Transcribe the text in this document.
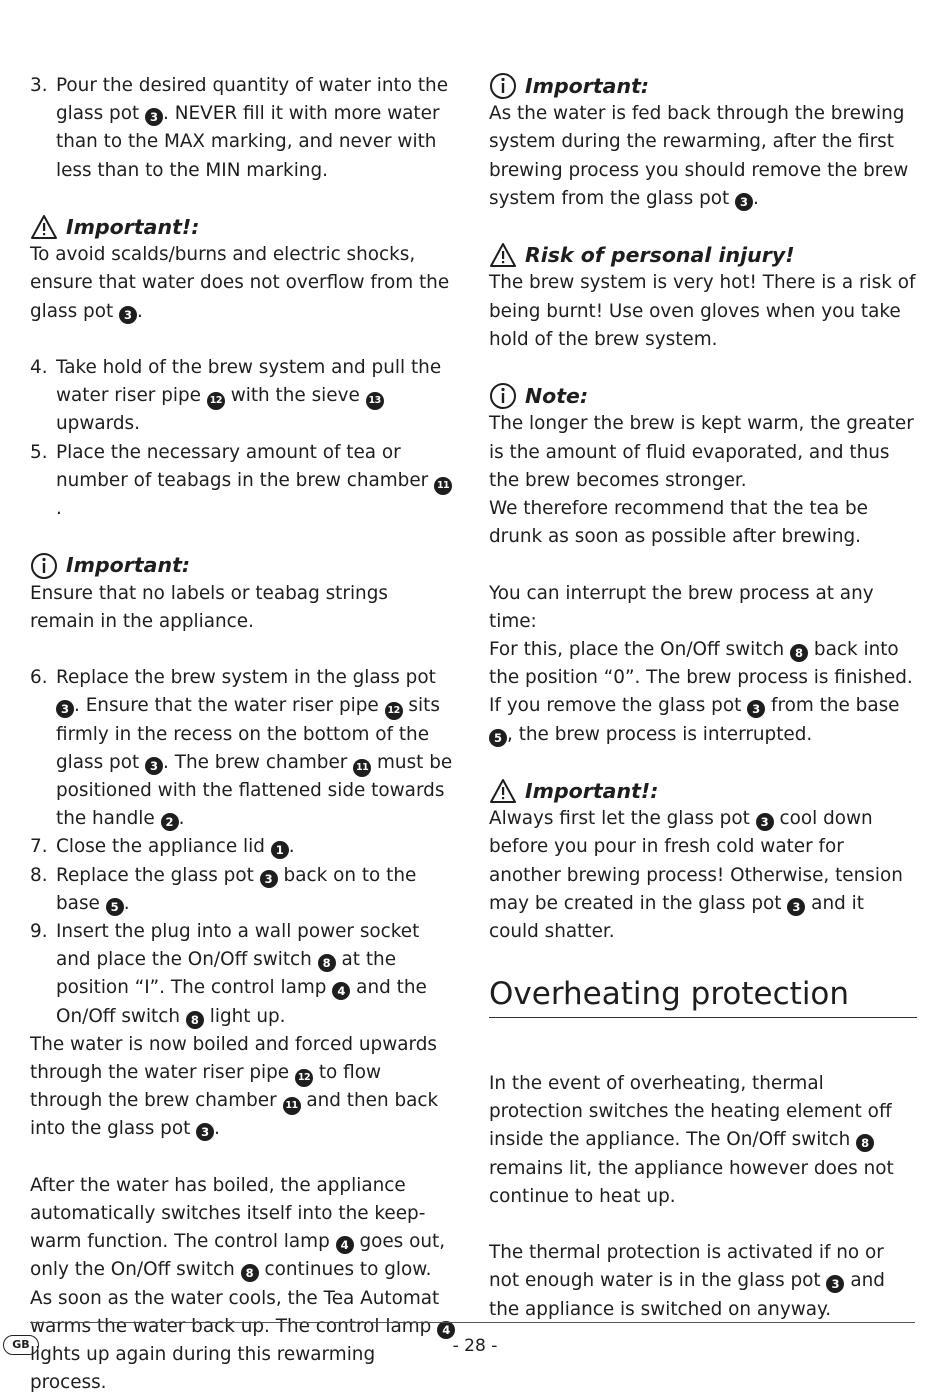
3. Pour the desired quantity of water into the glass pot 3 . NEVER fill it with more water than to the MAX marking, and never with less than to the MIN marking.

Important!:

To avoid scalds/burns and electric shocks, ensure that water does not overflow from the glass pot 3 .

4. Take hold of the brew system and pull the water riser pipe 12 with the sieve 13 upwards.

5. Place the necessary amount of tea or number of teabags in the brew chamber 11.

Important:

Ensure that no labels or teabag strings remain in the appliance.

6. Replace the brew system in the glass pot 3 . Ensure that the water riser pipe 12 sits firmly in the recess on the bottom of the glass pot 3 . The brew chamber 11 must be positioned with the flattened side towards the handle 2 .

7. Close the appliance lid 1 .

8. Replace the glass pot 3 back on to the base 5 .

9. Insert the plug into a wall power socket and place the On/Off switch 8 at the position “I”. The control lamp 4 and the On/Off switch 8 light up.

The water is now boiled and forced upwards through the water riser pipe 12 to flow through the brew chamber 11 and then back into the glass pot 3 .

After the water has boiled, the appliance automatically switches itself into the keep-warm function. The control lamp 4 goes out, only the On/Off switch 8 continues to glow. As soon as the water cools, the Tea Automat warms the water back up. The control lamp 4 lights up again during this rewarming process.

Important:

As the water is fed back through the brewing system during the rewarming, after the first brewing process you should remove the brew system from the glass pot 3 .

Risk of personal injury!

The brew system is very hot! There is a risk of being burnt! Use oven gloves when you take hold of the brew system.

Note:

The longer the brew is kept warm, the greater is the amount of fluid evaporated, and thus the brew becomes stronger.

We therefore recommend that the tea be drunk as soon as possible after brewing.

You can interrupt the brew process at any time:

For this, place the On/Off switch 8 back into the position “0”. The brew process is finished.

If you remove the glass pot 3 from the base 5 , the brew process is interrupted.

Important!:

Always first let the glass pot 3 cool down before you pour in fresh cold water for another brewing process! Otherwise, tension may be created in the glass pot 3 and it could shatter.

Overheating protection

In the event of overheating, thermal protection switches the heating element off inside the appliance. The On/Off switch 8 remains lit, the appliance however does not continue to heat up.

The thermal protection is activated if no or not enough water is in the glass pot 3 and the appliance is switched on anyway.

GB	- 28 -
